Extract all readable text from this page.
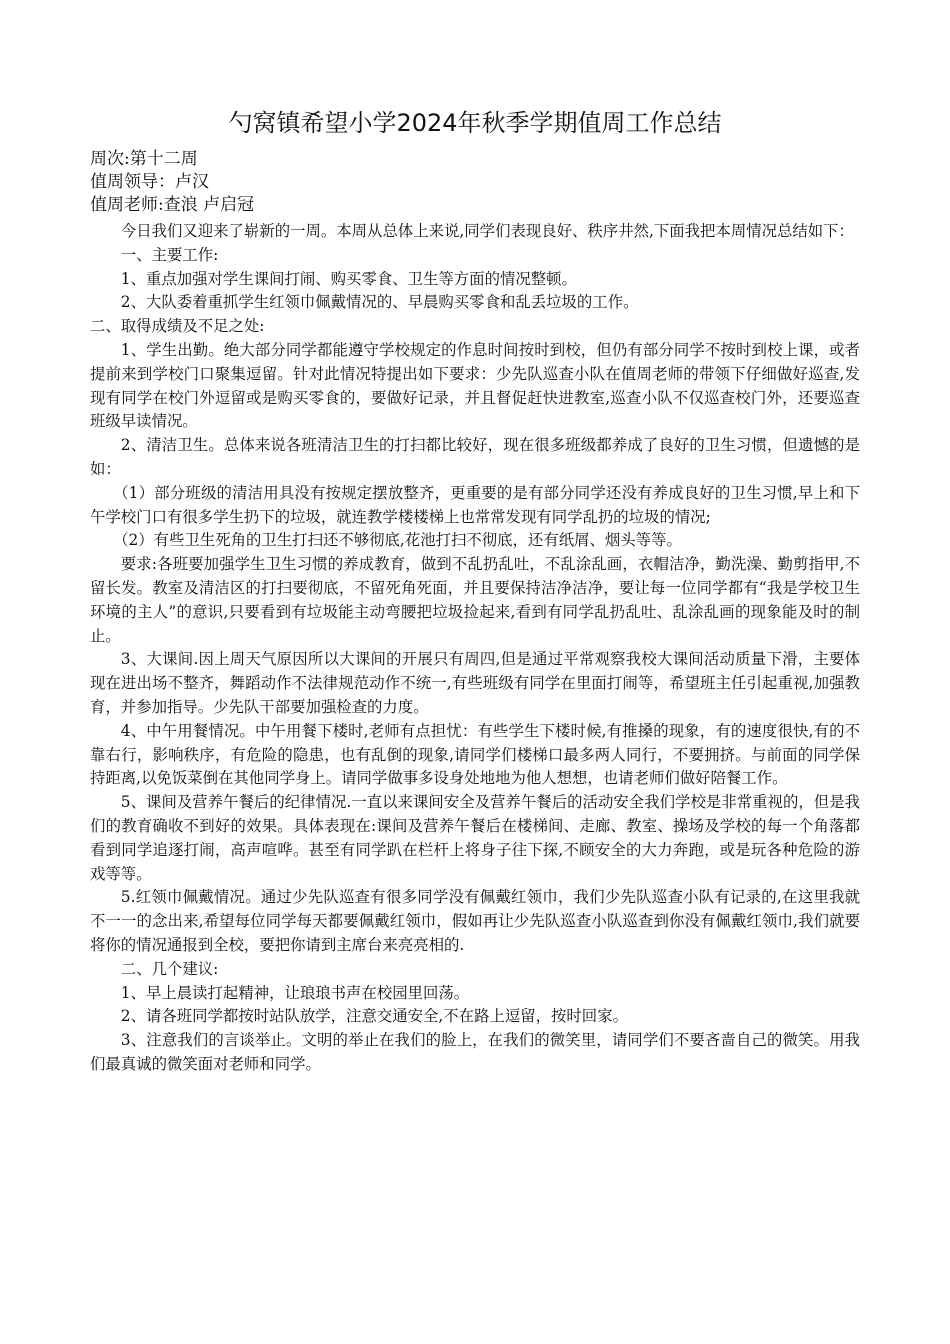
勺窝镇希望小学2024年秋季学期值周工作总结

周次:第十二周

值周领导：卢汉

值周老师:查浪 卢启冠

今日我们又迎来了崭新的一周。本周从总体上来说,同学们表现良好、秩序井然,下面我把本周情况总结如下：

一、主要工作:

1、重点加强对学生课间打闹、购买零食、卫生等方面的情况整顿。

2、大队委着重抓学生红领巾佩戴情况的、早晨购买零食和乱丢垃圾的工作。

二、取得成绩及不足之处:

1、学生出勤。绝大部分同学都能遵守学校规定的作息时间按时到校，但仍有部分同学不按时到校上课，或者提前来到学校门口聚集逗留。针对此情况特提出如下要求：少先队巡查小队在值周老师的带领下仔细做好巡查,发现有同学在校门外逗留或是购买零食的，要做好记录，并且督促赶快进教室,巡查小队不仅巡查校门外，还要巡查班级早读情况。

2、清洁卫生。总体来说各班清洁卫生的打扫都比较好，现在很多班级都养成了良好的卫生习惯，但遗憾的是如：

（1）部分班级的清洁用具没有按规定摆放整齐，更重要的是有部分同学还没有养成良好的卫生习惯,早上和下午学校门口有很多学生扔下的垃圾，就连教学楼楼梯上也常常发现有同学乱扔的垃圾的情况;

（2）有些卫生死角的卫生打扫还不够彻底,花池打扫不彻底，还有纸屑、烟头等等。

要求:各班要加强学生卫生习惯的养成教育，做到不乱扔乱吐，不乱涂乱画，衣帽洁净，勤洗澡、勤剪指甲,不留长发。教室及清洁区的打扫要彻底，不留死角死面，并且要保持洁净洁净，要让每一位同学都有“我是学校卫生环境的主人”的意识,只要看到有垃圾能主动弯腰把垃圾捡起来,看到有同学乱扔乱吐、乱涂乱画的现象能及时的制止。

3、大课间.因上周天气原因所以大课间的开展只有周四,但是通过平常观察我校大课间活动质量下滑，主要体现在进出场不整齐，舞蹈动作不法律规范动作不统一,有些班级有同学在里面打闹等，希望班主任引起重视,加强教育，并参加指导。少先队干部要加强检查的力度。

4、中午用餐情况。中午用餐下楼时,老师有点担忧：有些学生下楼时候,有推搡的现象，有的速度很快,有的不靠右行，影响秩序，有危险的隐患，也有乱倒的现象,请同学们楼梯口最多两人同行，不要拥挤。与前面的同学保持距离,以免饭菜倒在其他同学身上。请同学做事多设身处地地为他人想想，也请老师们做好陪餐工作。

5、课间及营养午餐后的纪律情况.一直以来课间安全及营养午餐后的活动安全我们学校是非常重视的，但是我们的教育确收不到好的效果。具体表现在:课间及营养午餐后在楼梯间、走廊、教室、操场及学校的每一个角落都看到同学追逐打闹，高声喧哗。甚至有同学趴在栏杆上将身子往下探,不顾安全的大力奔跑，或是玩各种危险的游戏等等。

5.红领巾佩戴情况。通过少先队巡查有很多同学没有佩戴红领巾，我们少先队巡查小队有记录的,在这里我就不一一的念出来,希望每位同学每天都要佩戴红领巾，假如再让少先队巡查小队巡查到你没有佩戴红领巾,我们就要将你的情况通报到全校，要把你请到主席台来亮亮相的.

二、几个建议:

1、早上晨读打起精神，让琅琅书声在校园里回荡。

2、请各班同学都按时站队放学，注意交通安全,不在路上逗留，按时回家。

3、注意我们的言谈举止。文明的举止在我们的脸上，在我们的微笑里，请同学们不要吝啬自己的微笑。用我们最真诚的微笑面对老师和同学。
